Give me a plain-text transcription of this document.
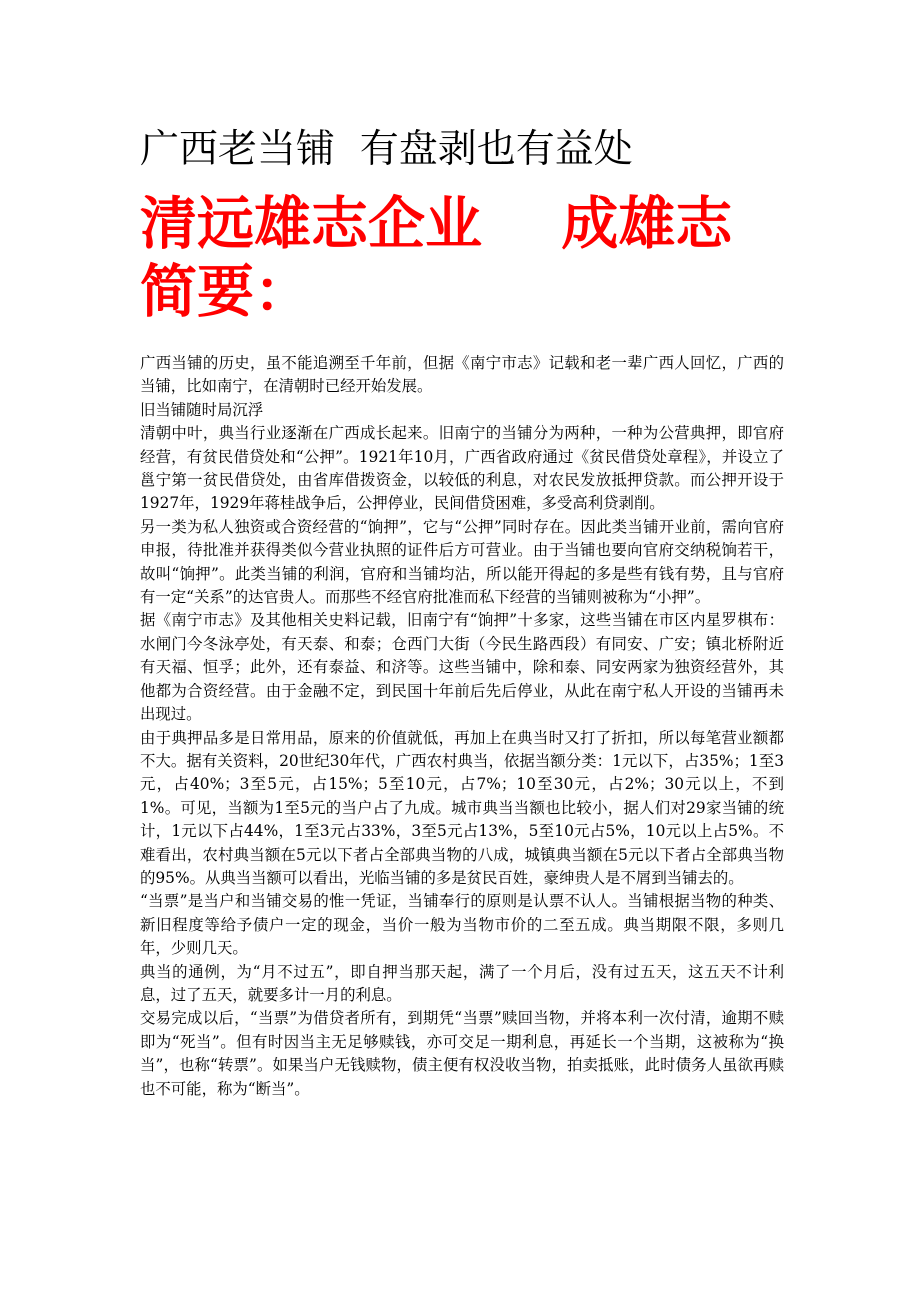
广西老当铺  有盘剥也有益处
清远雄志企业    成雄志
简要：

广西当铺的历史，虽不能追溯至千年前，但据《南宁市志》记载和老一辈广西人回忆，广西的当铺，比如南宁，在清朝时已经开始发展。

旧当铺随时局沉浮

清朝中叶，典当行业逐渐在广西成长起来。旧南宁的当铺分为两种，一种为公营典押，即官府经营，有贫民借贷处和“公押”。1921年10月，广西省政府通过《贫民借贷处章程》，并设立了邕宁第一贫民借贷处，由省库借拨资金，以较低的利息，对农民发放抵押贷款。而公押开设于1927年，1929年蒋桂战争后，公押停业，民间借贷困难，多受高利贷剥削。

另一类为私人独资或合资经营的“饷押”，它与“公押”同时存在。因此类当铺开业前，需向官府申报，待批准并获得类似今营业执照的证件后方可营业。由于当铺也要向官府交纳税饷若干，故叫“饷押”。此类当铺的利润，官府和当铺均沾，所以能开得起的多是些有钱有势，且与官府有一定“关系”的达官贵人。而那些不经官府批准而私下经营的当铺则被称为“小押”。

据《南宁市志》及其他相关史料记载，旧南宁有“饷押”十多家，这些当铺在市区内星罗棋布：水闸门今冬泳亭处，有天泰、和泰；仓西门大街（今民生路西段）有同安、广安；镇北桥附近有天福、恒孚；此外，还有泰益、和济等。这些当铺中，除和泰、同安两家为独资经营外，其他都为合资经营。由于金融不定，到民国十年前后先后停业，从此在南宁私人开设的当铺再未出现过。

由于典押品多是日常用品，原来的价值就低，再加上在典当时又打了折扣，所以每笔营业额都不大。据有关资料，20世纪30年代，广西农村典当，依据当额分类：1元以下，占35%；1至3元，占40%；3至5元，占15%；5至10元，占7%；10至30元，占2%；30元以上，不到1%。可见，当额为1至5元的当户占了九成。城市典当当额也比较小，据人们对29家当铺的统计，1元以下占44%，1至3元占33%，3至5元占13%，5至10元占5%，10元以上占5%。不难看出，农村典当额在5元以下者占全部典当物的八成，城镇典当额在5元以下者占全部典当物的95%。从典当当额可以看出，光临当铺的多是贫民百姓，豪绅贵人是不屑到当铺去的。

“当票”是当户和当铺交易的惟一凭证，当铺奉行的原则是认票不认人。当铺根据当物的种类、新旧程度等给予债户一定的现金，当价一般为当物市价的二至五成。典当期限不限，多则几年，少则几天。

典当的通例，为“月不过五”，即自押当那天起，满了一个月后，没有过五天，这五天不计利息，过了五天，就要多计一月的利息。

交易完成以后，“当票”为借贷者所有，到期凭“当票”赎回当物，并将本利一次付清，逾期不赎即为“死当”。但有时因当主无足够赎钱，亦可交足一期利息，再延长一个当期，这被称为“换当”，也称“转票”。如果当户无钱赎物，债主便有权没收当物，拍卖抵账，此时债务人虽欲再赎也不可能，称为“断当”。
